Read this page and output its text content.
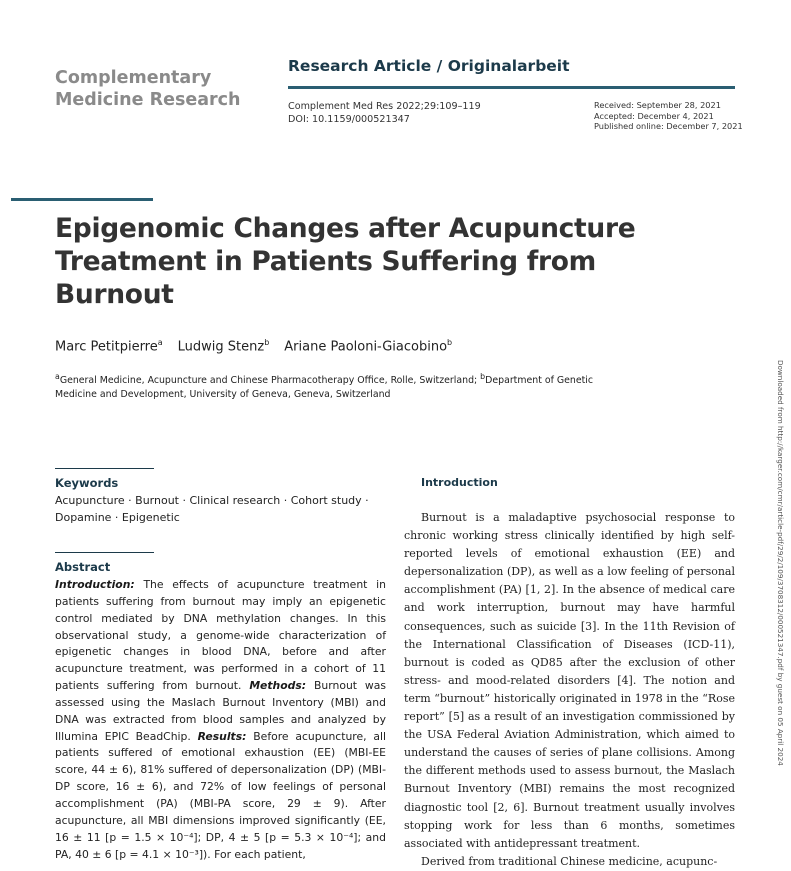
Complementary
Medicine Research
Research Article / Originalarbeit
Complement Med Res 2022;29:109–119
DOI: 10.1159/000521347
Received: September 28, 2021
Accepted: December 4, 2021
Published online: December 7, 2021
Epigenomic Changes after Acupuncture Treatment in Patients Suffering from Burnout
Marc Petitpierre$^a$ Ludwig Stenz$^b$ Ariane Paoloni-Giacobino$^b$
$^a$General Medicine, Acupuncture and Chinese Pharmacotherapy Office, Rolle, Switzerland; $^b$Department of Genetic Medicine and Development, University of Geneva, Geneva, Switzerland
Keywords
Acupuncture · Burnout · Clinical research · Cohort study · Dopamine · Epigenetic
Abstract
Introduction: The effects of acupuncture treatment in patients suffering from burnout may imply an epigenetic control mediated by DNA methylation changes. In this observational study, a genome-wide characterization of epigenetic changes in blood DNA, before and after acupuncture treatment, was performed in a cohort of 11 patients suffering from burnout. Methods: Burnout was assessed using the Maslach Burnout Inventory (MBI) and DNA was extracted from blood samples and analyzed by Illumina EPIC BeadChip. Results: Before acupuncture, all patients suffered of emotional exhaustion (EE) (MBI-EE score, 44 ± 6), 81% suffered of depersonalization (DP) (MBI-DP score, 16 ± 6), and 72% of low feelings of personal accomplishment (PA) (MBI-PA score, 29 ± 9). After acupuncture, all MBI dimensions improved significantly (EE, 16 ± 11 [p = 1.5 × 10⁻⁴]; DP, 4 ± 5 [p = 5.3 × 10⁻⁴]; and PA, 40 ± 6 [p = 4.1 × 10⁻³]). For each patient,
Introduction

Burnout is a maladaptive psychosocial response to chronic working stress clinically identified by high self-reported levels of emotional exhaustion (EE) and depersonalization (DP), as well as a low feeling of personal accomplishment (PA) [1, 2]. In the absence of medical care and work interruption, burnout may have harmful consequences, such as suicide [3]. In the 11th Revision of the International Classification of Diseases (ICD-11), burnout is coded as QD85 after the exclusion of other stress- and mood-related disorders [4]. The notion and term “burnout” historically originated in 1978 in the “Rose report” [5] as a result of an investigation commissioned by the USA Federal Aviation Administration, which aimed to understand the causes of series of plane collisions. Among the different methods used to assess burnout, the Maslach Burnout Inventory (MBI) remains the most recognized diagnostic tool [2, 6]. Burnout treatment usually involves stopping work for less than 6 months, sometimes associated with antidepressant treatment.

Derived from traditional Chinese medicine, acupunc-

Downloaded from http://karger.com/cmr/article-pdf/29/2/109/3708312/000521347.pdf by guest on 05 April 2024
